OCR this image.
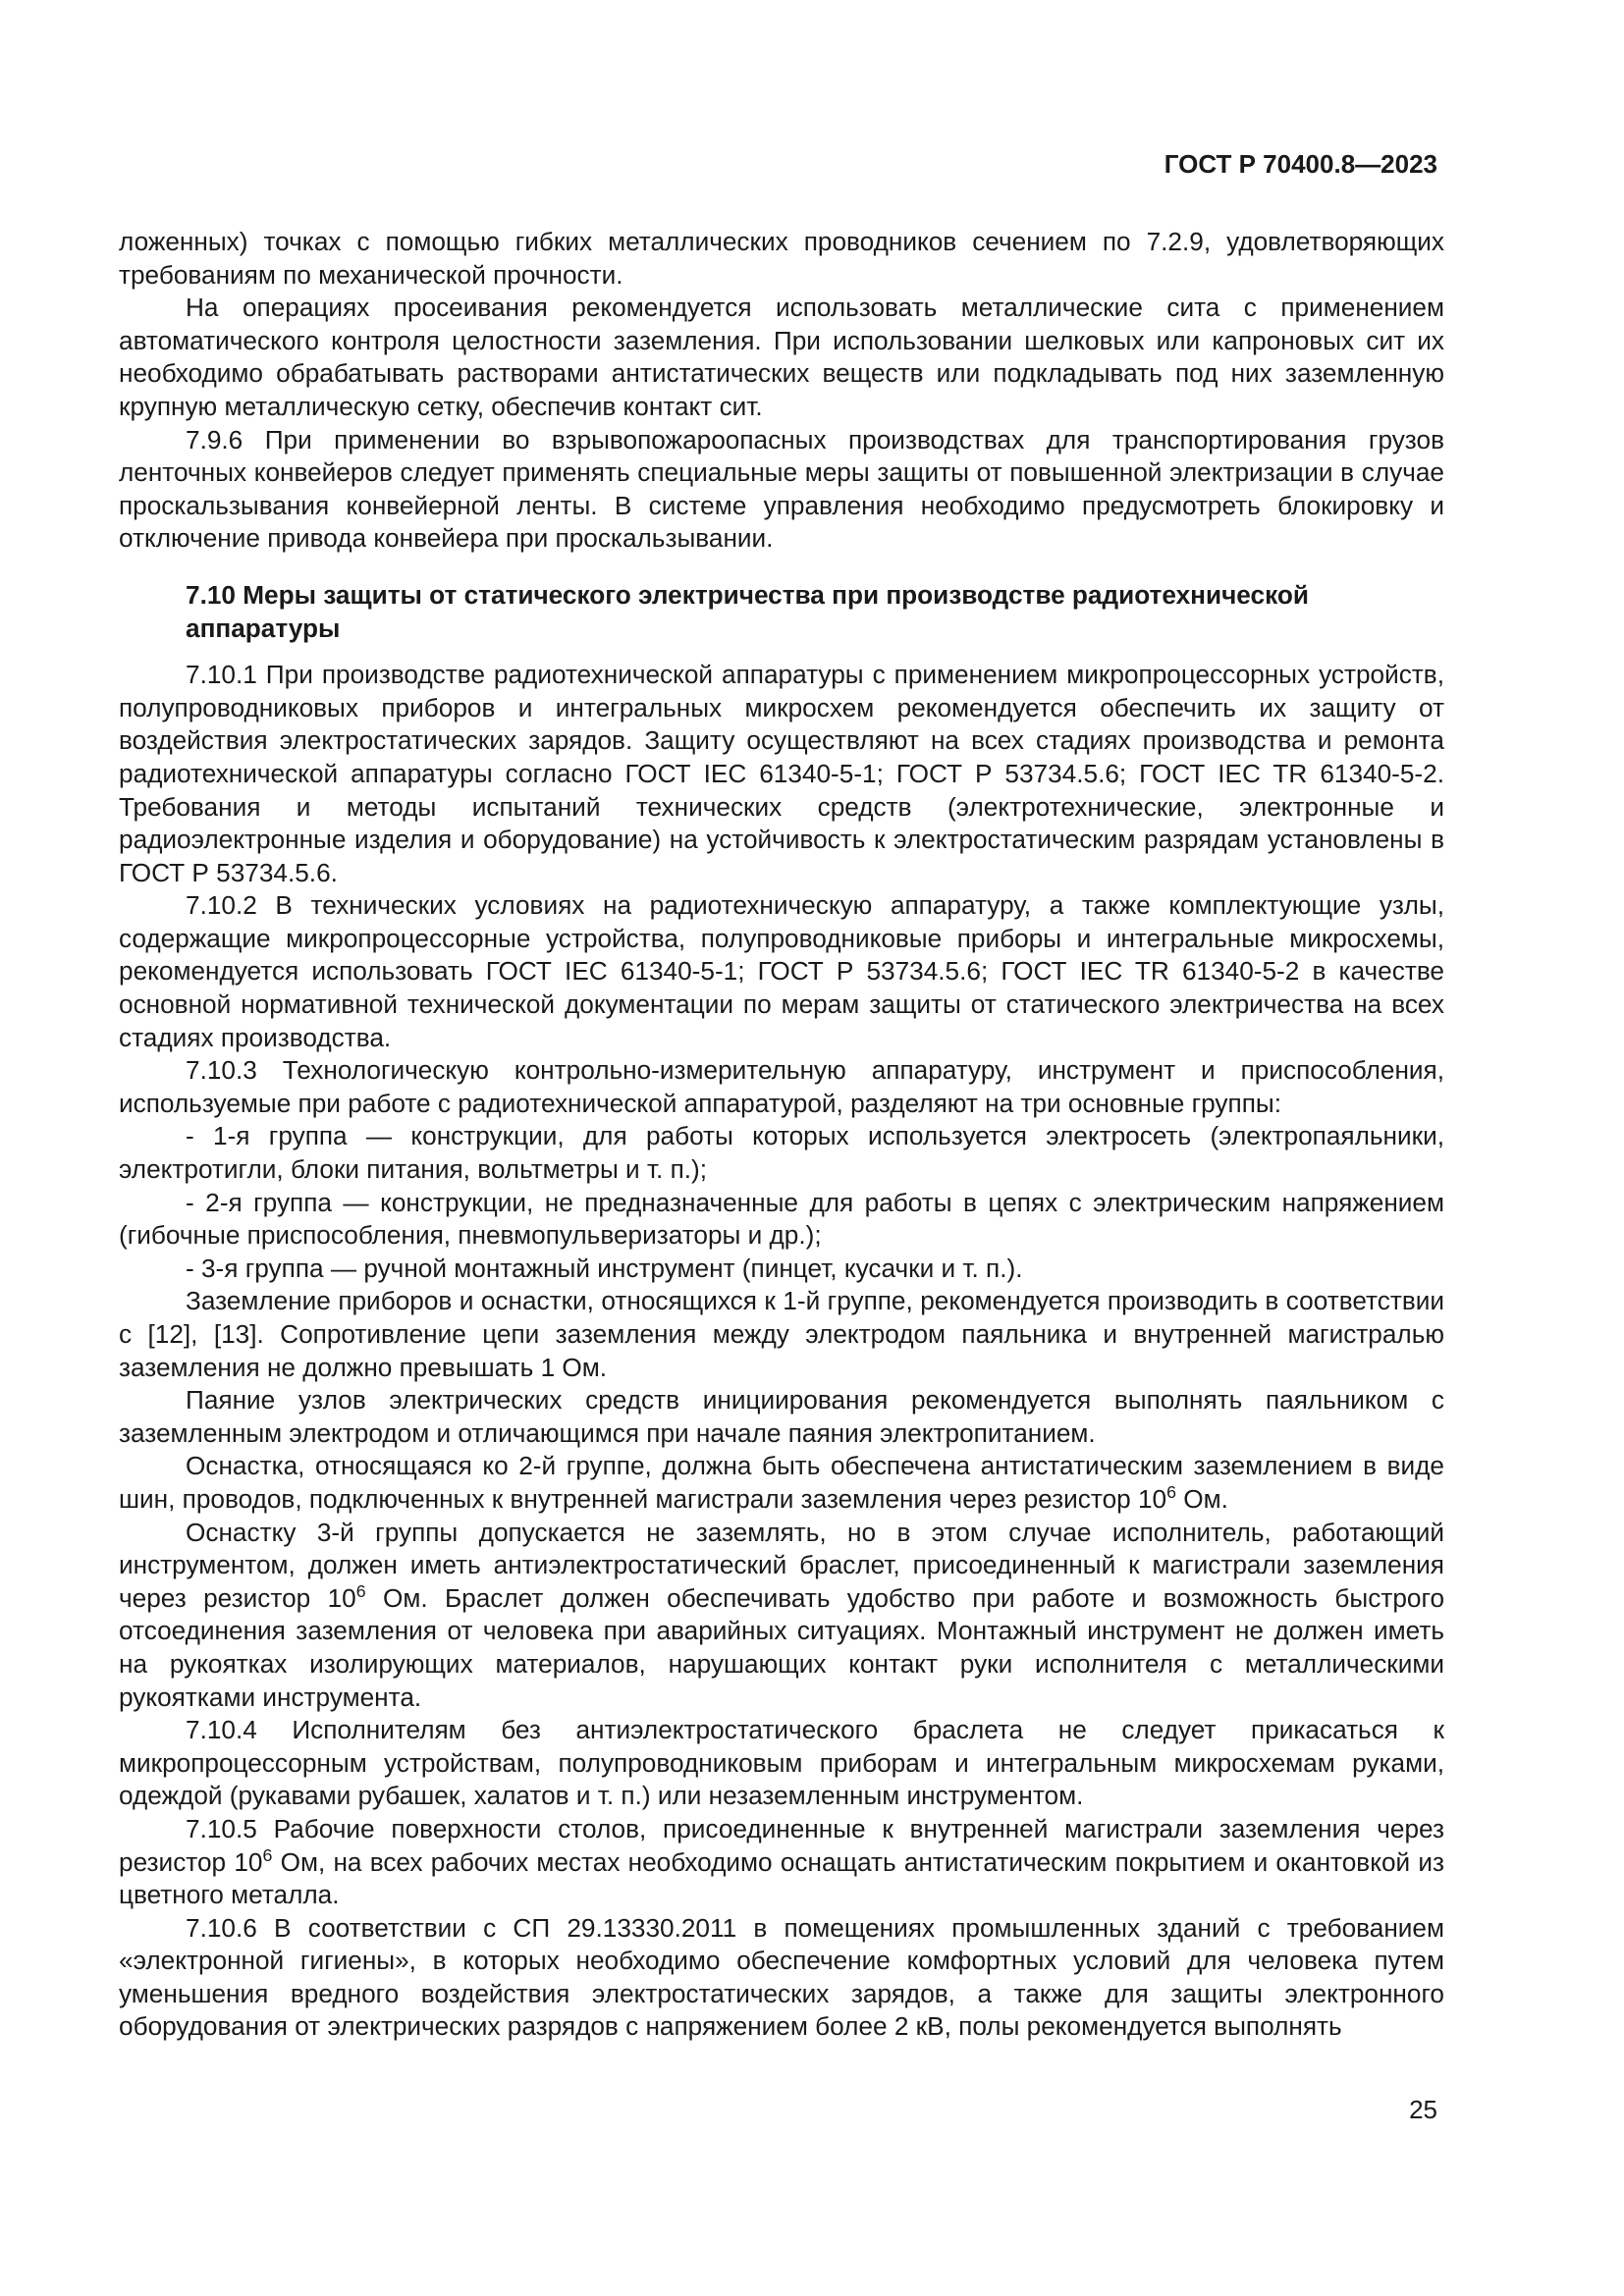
ГОСТ Р 70400.8—2023

ложенных) точках с помощью гибких металлических проводников сечением по 7.2.9, удовлетворяющих требованиям по механической прочности.

На операциях просеивания рекомендуется использовать металлические сита с применением автоматического контроля целостности заземления. При использовании шелковых или капроновых сит их необходимо обрабатывать растворами антистатических веществ или подкладывать под них заземленную крупную металлическую сетку, обеспечив контакт сит.

7.9.6 При применении во взрывопожароопасных производствах для транспортирования грузов ленточных конвейеров следует применять специальные меры защиты от повышенной электризации в случае проскальзывания конвейерной ленты. В системе управления необходимо предусмотреть блокировку и отключение привода конвейера при проскальзывании.

7.10 Меры защиты от статического электричества при производстве радиотехнической аппаратуры

7.10.1 При производстве радиотехнической аппаратуры с применением микропроцессорных устройств, полупроводниковых приборов и интегральных микросхем рекомендуется обеспечить их защиту от воздействия электростатических зарядов. Защиту осуществляют на всех стадиях производства и ремонта радиотехнической аппаратуры согласно ГОСТ IEC 61340-5-1; ГОСТ Р 53734.5.6; ГОСТ IEC TR 61340-5-2. Требования и методы испытаний технических средств (электротехнические, электронные и радиоэлектронные изделия и оборудование) на устойчивость к электростатическим разрядам установлены в ГОСТ Р 53734.5.6.

7.10.2 В технических условиях на радиотехническую аппаратуру, а также комплектующие узлы, содержащие микропроцессорные устройства, полупроводниковые приборы и интегральные микросхемы, рекомендуется использовать ГОСТ IEC 61340-5-1; ГОСТ Р 53734.5.6; ГОСТ IEC TR 61340-5-2 в качестве основной нормативной технической документации по мерам защиты от статического электричества на всех стадиях производства.

7.10.3 Технологическую контрольно-измерительную аппаратуру, инструмент и приспособления, используемые при работе с радиотехнической аппаратурой, разделяют на три основные группы:

- 1-я группа — конструкции, для работы которых используется электросеть (электропаяльники, электротигли, блоки питания, вольтметры и т. п.);

- 2-я группа — конструкции, не предназначенные для работы в цепях с электрическим напряжением (гибочные приспособления, пневмопульверизаторы и др.);

- 3-я группа — ручной монтажный инструмент (пинцет, кусачки и т. п.).

Заземление приборов и оснастки, относящихся к 1-й группе, рекомендуется производить в соответствии с [12], [13]. Сопротивление цепи заземления между электродом паяльника и внутренней магистралью заземления не должно превышать 1 Ом.

Паяние узлов электрических средств инициирования рекомендуется выполнять паяльником с заземленным электродом и отличающимся при начале паяния электропитанием.

Оснастка, относящаяся ко 2-й группе, должна быть обеспечена антистатическим заземлением в виде шин, проводов, подключенных к внутренней магистрали заземления через резистор $10^6$ Ом.

Оснастку 3-й группы допускается не заземлять, но в этом случае исполнитель, работающий инструментом, должен иметь антиэлектростатический браслет, присоединенный к магистрали заземления через резистор $10^6$ Ом. Браслет должен обеспечивать удобство при работе и возможность быстрого отсоединения заземления от человека при аварийных ситуациях. Монтажный инструмент не должен иметь на рукоятках изолирующих материалов, нарушающих контакт руки исполнителя с металлическими рукоятками инструмента.

7.10.4 Исполнителям без антиэлектростатического браслета не следует прикасаться к микропроцессорным устройствам, полупроводниковым приборам и интегральным микросхемам руками, одеждой (рукавами рубашек, халатов и т. п.) или незаземленным инструментом.

7.10.5 Рабочие поверхности столов, присоединенные к внутренней магистрали заземления через резистор $10^6$ Ом, на всех рабочих местах необходимо оснащать антистатическим покрытием и окантовкой из цветного металла.

7.10.6 В соответствии с СП 29.13330.2011 в помещениях промышленных зданий с требованием «электронной гигиены», в которых необходимо обеспечение комфортных условий для человека путем уменьшения вредного воздействия электростатических зарядов, а также для защиты электронного оборудования от электрических разрядов с напряжением более 2 кВ, полы рекомендуется выполнять

25
